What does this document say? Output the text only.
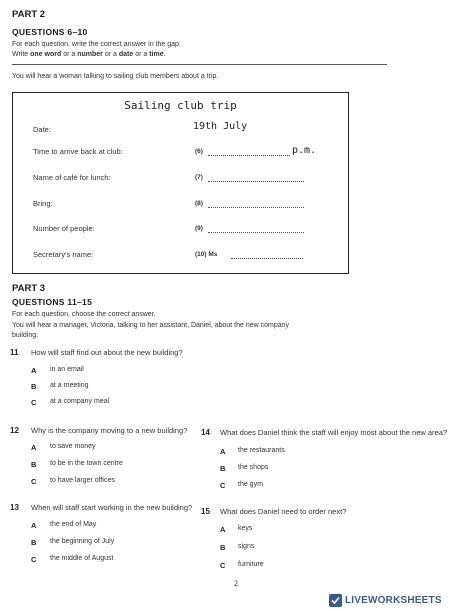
PART 2
QUESTIONS 6–10
For each question, write the correct answer in the gap.
Write one word or a number or a date or a time.
You will hear a woman talking to sailing club members about a trip.
Sailing club trip
Date:	19th July
Time to arrive back at club:	(6)	p.m.
Name of café for lunch:	(7)
Bring:	(8)
Number of people:	(9)
Secretary's name:	(10) Ms
PART 3
QUESTIONS 11–15
For each question, choose the correct answer.
You will hear a manager, Victoria, talking to her assistant, Daniel, about the new company
building.
11 How will staff find out about the new building?
A in an email
B at a meeting
C at a company meal
12 Why is the company moving to a new building?
A to save money
B to be in the town centre
C to have larger offices
13 When will staff start working in the new building?
A the end of May
B the beginning of July
C the middle of August
14 What does Daniel think the staff will enjoy most about the new area?
A the restaurants
B the shops
C the gym
15 What does Daniel need to order next?
A keys
B signs
C furniture
2
LIVEWORKSHEETS
